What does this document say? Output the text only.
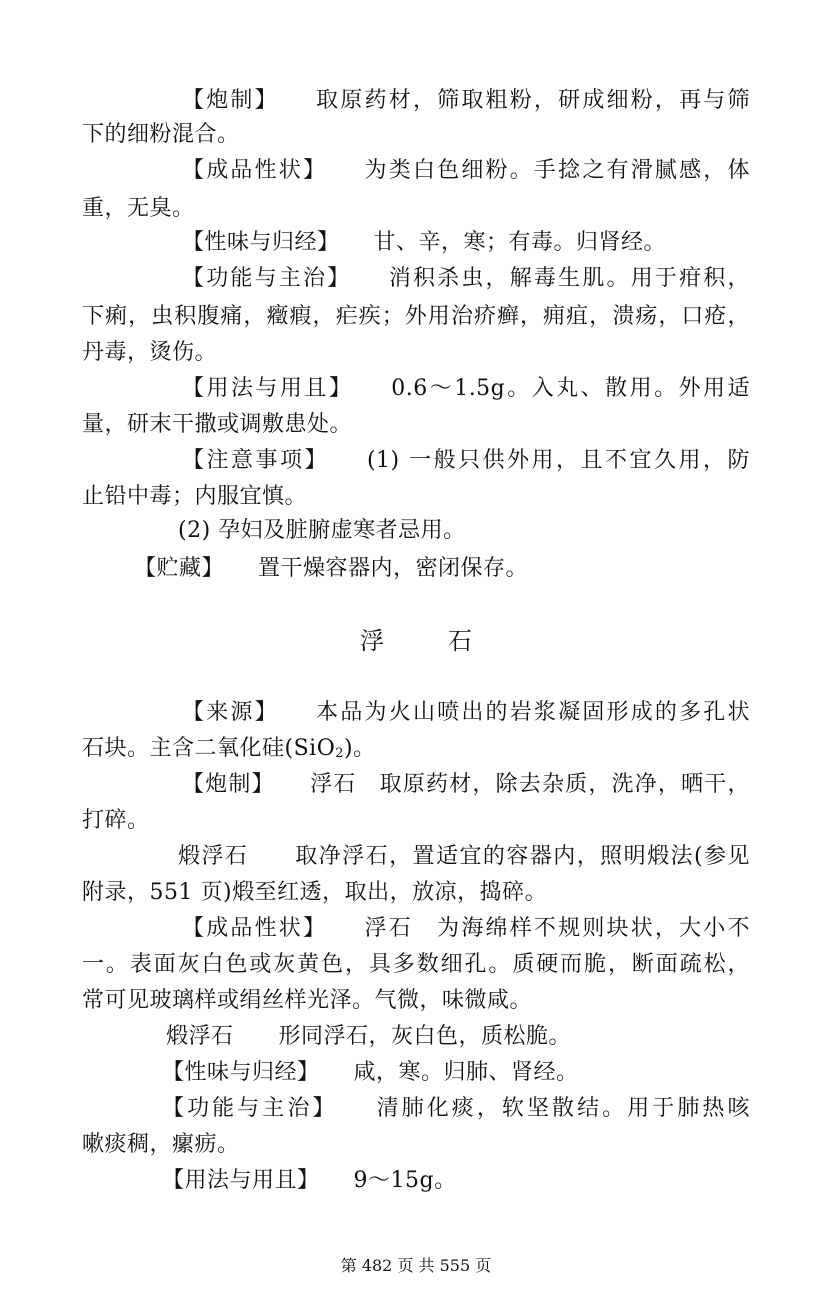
【炮制】　　取原药材，筛取粗粉，研成细粉，再与筛
下的细粉混合。
【成品性状】　　为类白色细粉。手捻之有滑腻感，体
重，无臭。
【性味与归经】　　甘、辛，寒；有毒。归肾经。
【功能与主治】　　消积杀虫，解毒生肌。用于疳积，
下痢，虫积腹痛，癥瘕，疟疾；外用治疥癣，痈疽，溃疡，口疮，
丹毒，烫伤。
【用法与用且】　　0.6～1.5g。入丸、散用。外用适
量，研末干撒或调敷患处。
【注意事项】　　(1) 一般只供外用，且不宜久用，防
止铅中毒；内服宜慎。
(2) 孕妇及脏腑虚寒者忌用。
【贮藏】　　置干燥容器内，密闭保存。
浮	石
【来源】　　本品为火山喷出的岩浆凝固形成的多孔状
石块。主含二氧化硅(SiO2)。
【炮制】　　浮石　取原药材，除去杂质，洗净，晒干，
打碎。
煅浮石　　取净浮石，置适宜的容器内，照明煅法(参见
附录，551 页)煅至红透，取出，放凉，捣碎。
【成品性状】　　浮石　为海绵样不规则块状，大小不
一。表面灰白色或灰黄色，具多数细孔。质硬而脆，断面疏松，
常可见玻璃样或绢丝样光泽。气微，味微咸。
煅浮石　　形同浮石，灰白色，质松脆。
【性味与归经】　　咸，寒。归肺、肾经。
【功能与主治】　　清肺化痰，软坚散结。用于肺热咳
嗽痰稠，瘰疬。
【用法与用且】　　9～15g。
第 482 页 共 555 页
